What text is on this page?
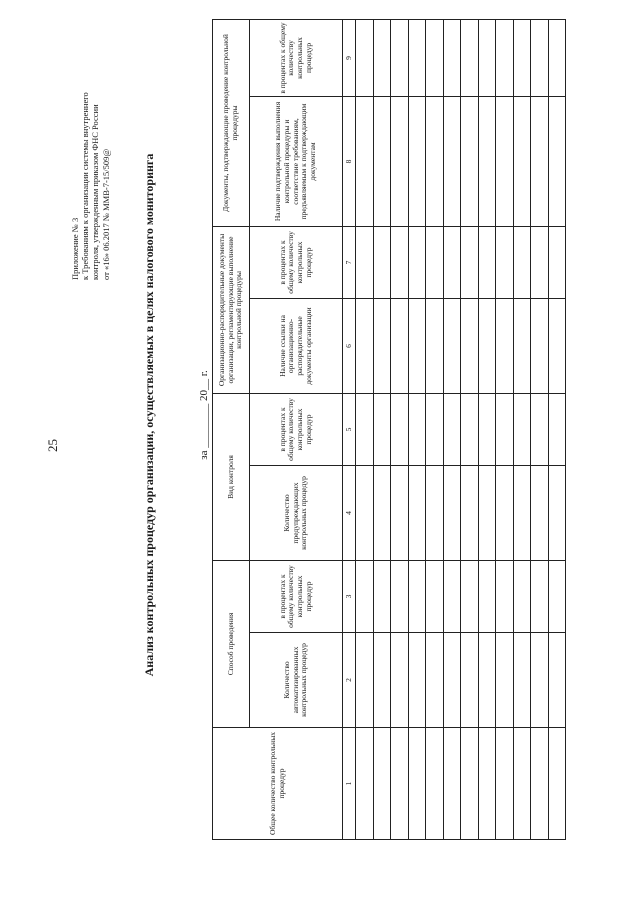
25
Приложение № 3 к Требованиям к организации системы внутреннего контроля, утвержденным приказом ФНС России от «16» 06.2017 № ММВ-7-15/509@	Анализ контрольных процедур организации, осуществляемых в целях налогового мониторинга	за ________ 20__ г.
Общее количество контрольных процедур	Способ проведения		Вид контроля		Организационно-распорядительные документы организации, регламентирующие выполнение контрольной процедуры		Документы, подтверждающие проведение контрольной процедуры	
	Количество автоматизированных контрольных процедур	в процентах к общему количеству контрольных процедур	Количество предупреждающих контрольных процедур	в процентах к общему количеству контрольных процедур	Наличие ссылки на организационно-распорядительные документы организации	в процентах к общему количеству контрольных процедур	Наличие подтверждения выполнения контрольной процедуры и соответствие требованиям, предъявляемым к подтверждающим документам	в процентах к общему количеству контрольных процедур
1	2	3	4	5	6	7	8	9
